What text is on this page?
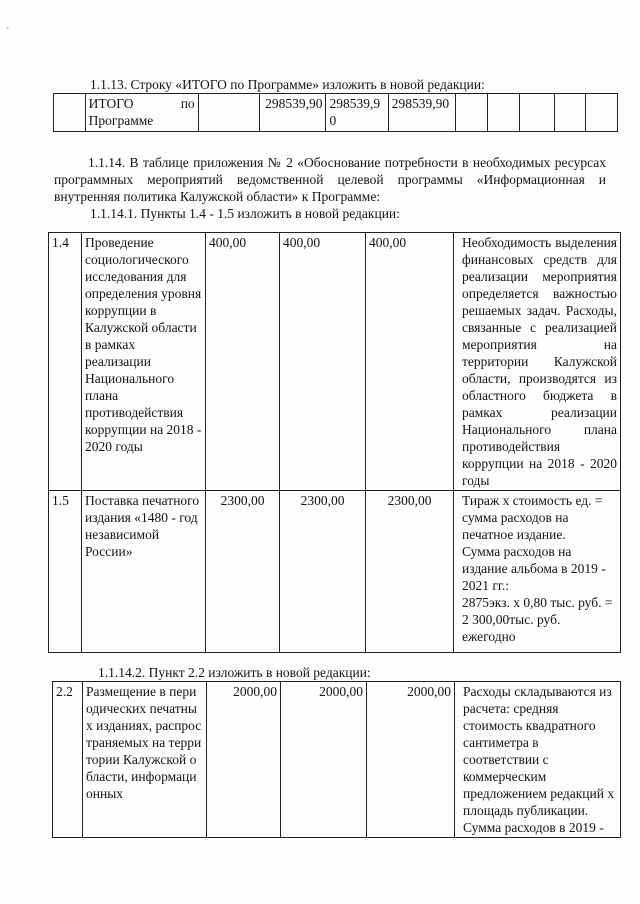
`

1.1.13. Строку «ИТОГО по Программе» изложить в новой редакции:

	ИТОГО по Программе		298539,90	298539,90	298539,90					

1.1.14. В таблице приложения № 2 «Обоснование потребности в необходимых ресурсах программных мероприятий ведомственной целевой программы «Информационная и внутренняя политика Калужской области» к Программе:

1.1.14.1. Пункты 1.4 - 1.5 изложить в новой редакции:

1.4	Проведение социологического исследования для определения уровня коррупции в Калужской области в рамках реализации Национального плана противодействия коррупции на 2018 - 2020 годы	400,00	400,00	400,00	Необходимость выделения финансовых средств для реализации мероприятия определяется важностью решаемых задач. Расходы, связанные с реализацией мероприятия на территории Калужской области, производятся из областного бюджета в рамках реализации Национального плана противодействия коррупции на 2018 - 2020 годы
1.5	Поставка печатного издания «1480 - год независимой России»	2300,00	2300,00	2300,00	Тираж х стоимость ед. = сумма расходов на печатное издание.

Сумма расходов на издание альбома в 2019 - 2021 гг.:

2875экз. х 0,80 тыс. руб. = 2 300,00тыс. руб. ежегодно

1.1.14.2. Пункт 2.2 изложить в новой редакции:

2.2	Размещение в периодических печатных изданиях, распространяемых на территории Калужской области, информационных	2000,00	2000,00	2000,00	Расходы складываются из расчета: средняя стоимость квадратного сантиметра в соответствии с коммерческим предложением редакций х площадь публикации. Сумма расходов в 2019 -
